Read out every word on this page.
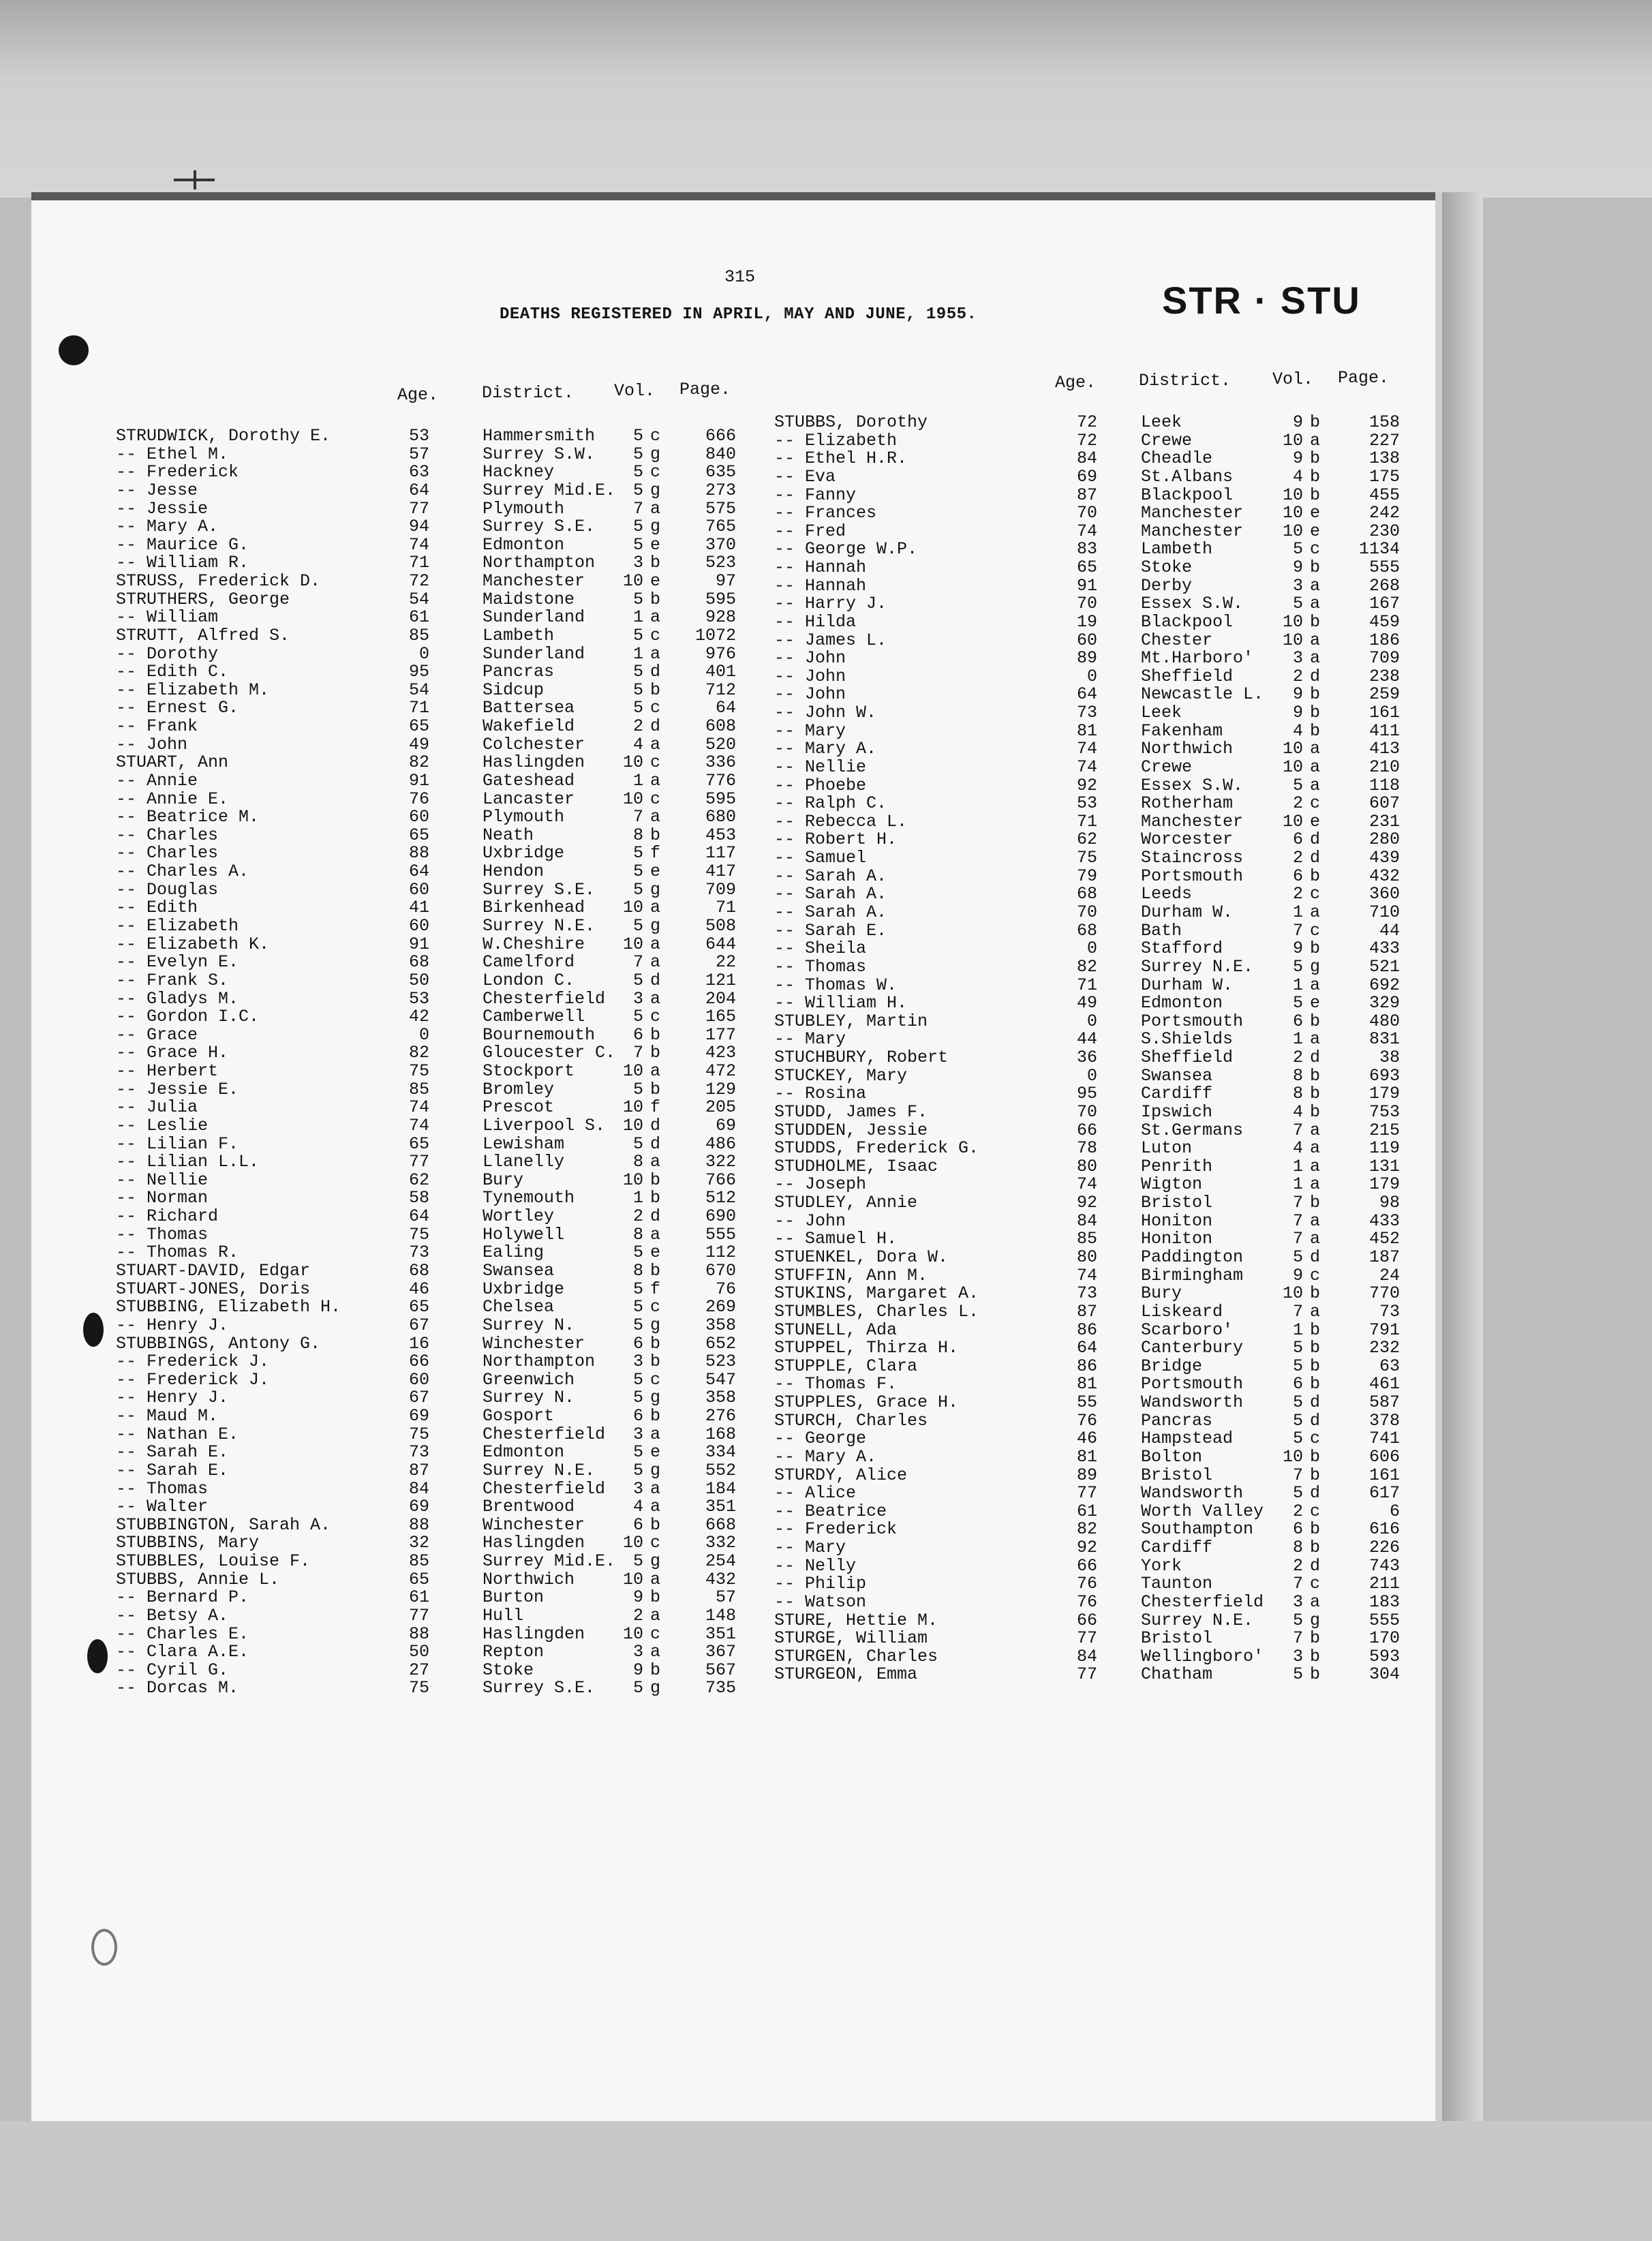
315
DEATHS REGISTERED IN APRIL, MAY AND JUNE, 1955.	STR · STU
Age.	District. Vol. Page.	Age.	District. Vol. Page.
STRUDWICK, Dorothy E.	53	Hammersmith	5 c	666
-- Ethel M.	57	Surrey S.W.	5 g	840
-- Frederick	63	Hackney	5 c	635
-- Jesse	64	Surrey Mid.E.	5 g	273
-- Jessie	77	Plymouth	7 a	575
-- Mary A.	94	Surrey S.E.	5 g	765
-- Maurice G.	74	Edmonton	5 e	370
-- William R.	71	Northampton	3 b	523
STRUSS, Frederick D.	72	Manchester	10 e	97
STRUTHERS, George	54	Maidstone	5 b	595
-- William	61	Sunderland	1 a	928
STRUTT, Alfred S.	85	Lambeth	5 c	1072
-- Dorothy	0	Sunderland	1 a	976
-- Edith C.	95	Pancras	5 d	401
-- Elizabeth M.	54	Sidcup	5 b	712
-- Ernest G.	71	Battersea	5 c	64
-- Frank	65	Wakefield	2 d	608
-- John	49	Colchester	4 a	520
STUART, Ann	82	Haslingden	10 c	336
-- Annie	91	Gateshead	1 a	776
-- Annie E.	76	Lancaster	10 c	595
-- Beatrice M.	60	Plymouth	7 a	680
-- Charles	65	Neath	8 b	453
-- Charles	88	Uxbridge	5 f	117
-- Charles A.	64	Hendon	5 e	417
-- Douglas	60	Surrey S.E.	5 g	709
-- Edith	41	Birkenhead	10 a	71
-- Elizabeth	60	Surrey N.E.	5 g	508
-- Elizabeth K.	91	W.Cheshire	10 a	644
-- Evelyn E.	68	Camelford	7 a	22
-- Frank S.	50	London C.	5 d	121
-- Gladys M.	53	Chesterfield	3 a	204
-- Gordon I.C.	42	Camberwell	5 c	165
-- Grace	0	Bournemouth	6 b	177
-- Grace H.	82	Gloucester C.	7 b	423
-- Herbert	75	Stockport	10 a	472
-- Jessie E.	85	Bromley	5 b	129
-- Julia	74	Prescot	10 f	205
-- Leslie	74	Liverpool S.	10 d	69
-- Lilian F.	65	Lewisham	5 d	486
-- Lilian L.L.	77	Llanelly	8 a	322
-- Nellie	62	Bury	10 b	766
-- Norman	58	Tynemouth	1 b	512
-- Richard	64	Wortley	2 d	690
-- Thomas	75	Holywell	8 a	555
-- Thomas R.	73	Ealing	5 e	112
STUART-DAVID, Edgar	68	Swansea	8 b	670
STUART-JONES, Doris	46	Uxbridge	5 f	76
STUBBING, Elizabeth H.	65	Chelsea	5 c	269
-- Henry J.	67	Surrey N.	5 g	358
STUBBINGS, Antony G.	16	Winchester	6 b	652
-- Frederick J.	66	Northampton	3 b	523
-- Frederick J.	60	Greenwich	5 c	547
-- Henry J.	67	Surrey N.	5 g	358
-- Maud M.	69	Gosport	6 b	276
-- Nathan E.	75	Chesterfield	3 a	168
-- Sarah E.	73	Edmonton	5 e	334
-- Sarah E.	87	Surrey N.E.	5 g	552
-- Thomas	84	Chesterfield	3 a	184
-- Walter	69	Brentwood	4 a	351
STUBBINGTON, Sarah A.	88	Winchester	6 b	668
STUBBINS, Mary	32	Haslingden	10 c	332
STUBBLES, Louise F.	85	Surrey Mid.E.	5 g	254
STUBBS, Annie L.	65	Northwich	10 a	432
-- Bernard P.	61	Burton	9 b	57
-- Betsy A.	77	Hull	2 a	148
-- Charles E.	88	Haslingden	10 c	351
-- Clara A.E.	50	Repton	3 a	367
-- Cyril G.	27	Stoke	9 b	567
-- Dorcas M.	75	Surrey S.E.	5 g	735
STUBBS, Dorothy	72	Leek	9 b	158
-- Elizabeth	72	Crewe	10 a	227
-- Ethel H.R.	84	Cheadle	9 b	138
-- Eva	69	St.Albans	4 b	175
-- Fanny	87	Blackpool	10 b	455
-- Frances	70	Manchester	10 e	242
-- Fred	74	Manchester	10 e	230
-- George W.P.	83	Lambeth	5 c	1134
-- Hannah	65	Stoke	9 b	555
-- Hannah	91	Derby	3 a	268
-- Harry J.	70	Essex S.W.	5 a	167
-- Hilda	19	Blackpool	10 b	459
-- James L.	60	Chester	10 a	186
-- John	89	Mt.Harboro'	3 a	709
-- John	0	Sheffield	2 d	238
-- John	64	Newcastle L.	9 b	259
-- John W.	73	Leek	9 b	161
-- Mary	81	Fakenham	4 b	411
-- Mary A.	74	Northwich	10 a	413
-- Nellie	74	Crewe	10 a	210
-- Phoebe	92	Essex S.W.	5 a	118
-- Ralph C.	53	Rotherham	2 c	607
-- Rebecca L.	71	Manchester	10 e	231
-- Robert H.	62	Worcester	6 d	280
-- Samuel	75	Staincross	2 d	439
-- Sarah A.	79	Portsmouth	6 b	432
-- Sarah A.	68	Leeds	2 c	360
-- Sarah A.	70	Durham W.	1 a	710
-- Sarah E.	68	Bath	7 c	44
-- Sheila	0	Stafford	9 b	433
-- Thomas	82	Surrey N.E.	5 g	521
-- Thomas W.	71	Durham W.	1 a	692
-- William H.	49	Edmonton	5 e	329
STUBLEY, Martin	0	Portsmouth	6 b	480
-- Mary	44	S.Shields	1 a	831
STUCHBURY, Robert	36	Sheffield	2 d	38
STUCKEY, Mary	0	Swansea	8 b	693
-- Rosina	95	Cardiff	8 b	179
STUDD, James F.	70	Ipswich	4 b	753
STUDDEN, Jessie	66	St.Germans	7 a	215
STUDDS, Frederick G.	78	Luton	4 a	119
STUDHOLME, Isaac	80	Penrith	1 a	131
-- Joseph	74	Wigton	1 a	179
STUDLEY, Annie	92	Bristol	7 b	98
-- John	84	Honiton	7 a	433
-- Samuel H.	85	Honiton	7 a	452
STUENKEL, Dora W.	80	Paddington	5 d	187
STUFFIN, Ann M.	74	Birmingham	9 c	24
STUKINS, Margaret A.	73	Bury	10 b	770
STUMBLES, Charles L.	87	Liskeard	7 a	73
STUNELL, Ada	86	Scarboro'	1 b	791
STUPPEL, Thirza H.	64	Canterbury	5 b	232
STUPPLE, Clara	86	Bridge	5 b	63
-- Thomas F.	81	Portsmouth	6 b	461
STUPPLES, Grace H.	55	Wandsworth	5 d	587
STURCH, Charles	76	Pancras	5 d	378
-- George	46	Hampstead	5 c	741
-- Mary A.	81	Bolton	10 b	606
STURDY, Alice	89	Bristol	7 b	161
-- Alice	77	Wandsworth	5 d	617
-- Beatrice	61	Worth Valley	2 c	6
-- Frederick	82	Southampton	6 b	616
-- Mary	92	Cardiff	8 b	226
-- Nelly	66	York	2 d	743
-- Philip	76	Taunton	7 c	211
-- Watson	76	Chesterfield	3 a	183
STURE, Hettie M.	66	Surrey N.E.	5 g	555
STURGE, William	77	Bristol	7 b	170
STURGEN, Charles	84	Wellingboro'	3 b	593
STURGEON, Emma	77	Chatham	5 b	304
